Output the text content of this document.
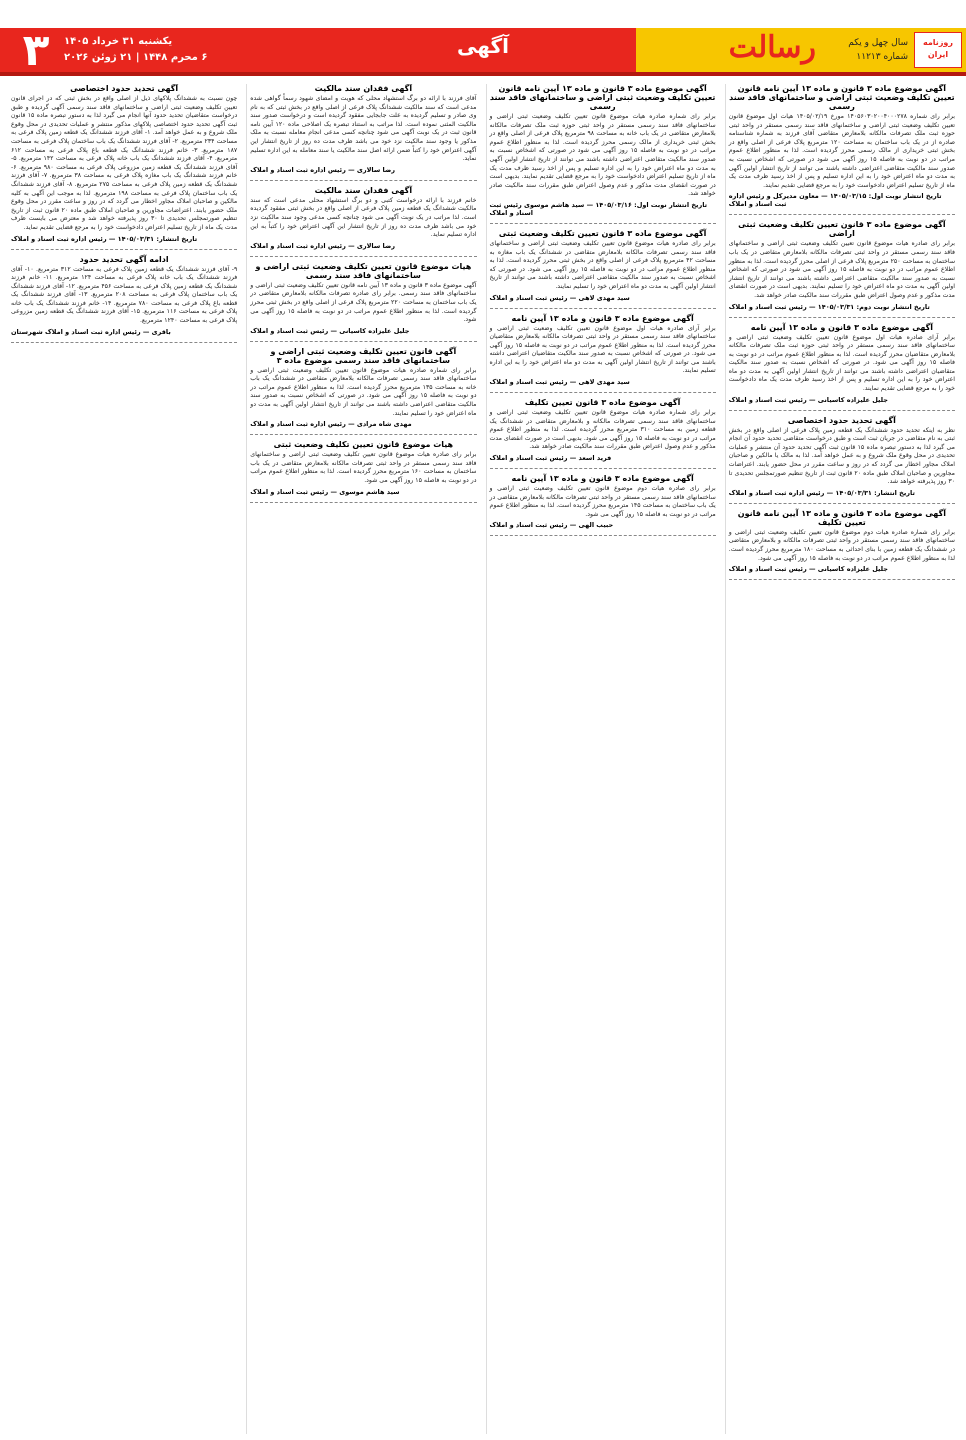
۳	یکشنبه ۳۱ خرداد ۱۴۰۵
۶ محرم ۱۴۴۸ | ۲۱ ژوئن ۲۰۲۶	آگهی	رسالت	سال چهل و یکم
شماره ۱۱۲۱۳
روزنامه ایران
آگهی موضوع ماده ۳ قانون و ماده ۱۳ آیین نامه قانون تعیین تکلیف وضعیت ثبتی اراضی و ساختمانهای فاقد سند رسمی
برابر رای شماره ۱۴۰۵۶۰۳۰۲۰۰۴۰۰۰۲۷۸ مورخ ۱۴۰۵/۰۲/۱۹ هیات اول موضوع قانون تعیین تکلیف وضعیت ثبتی اراضی و ساختمانهای فاقد سند رسمی مستقر در واحد ثبتی حوزه ثبت ملک تصرفات مالکانه بلامعارض متقاضی آقای فرزند به شماره شناسنامه صادره از در یک باب ساختمان به مساحت ۱۲۰ مترمربع پلاک فرعی از اصلی واقع در بخش ثبتی خریداری از مالک رسمی محرز گردیده است. لذا به منظور اطلاع عموم مراتب در دو نوبت به فاصله ۱۵ روز آگهی می شود در صورتی که اشخاص نسبت به صدور سند مالکیت متقاضی اعتراضی داشته باشند می توانند از تاریخ انتشار اولین آگهی به مدت دو ماه اعتراض خود را به این اداره تسلیم و پس از اخذ رسید ظرف مدت یک ماه از تاریخ تسلیم اعتراض دادخواست خود را به مرجع قضایی تقدیم نمایند.
تاریخ انتشار نوبت اول: ۱۴۰۵/۰۳/۱۵ — معاون مدیرکل و رئیس اداره ثبت اسناد و املاک
آگهی موضوع ماده ۳ قانون تعیین تکلیف وضعیت ثبتی اراضی
برابر رای صادره هیات موضوع قانون تعیین تکلیف وضعیت ثبتی اراضی و ساختمانهای فاقد سند رسمی مستقر در واحد ثبتی تصرفات مالکانه بلامعارض متقاضی در یک باب ساختمان به مساحت ۲۵۰ مترمربع پلاک فرعی از اصلی محرز گردیده است. لذا به منظور اطلاع عموم مراتب در دو نوبت به فاصله ۱۵ روز آگهی می شود در صورتی که اشخاص نسبت به صدور سند مالکیت متقاضی اعتراضی داشته باشند می توانند از تاریخ انتشار اولین آگهی به مدت دو ماه اعتراض خود را تسلیم نمایند. بدیهی است در صورت انقضای مدت مذکور و عدم وصول اعتراض طبق مقررات سند مالکیت صادر خواهد شد.
تاریخ انتشار نوبت دوم: ۱۴۰۵/۰۳/۳۱ — رئیس ثبت اسناد و املاک
آگهی موضوع ماده ۳ قانون و ماده ۱۳ آیین نامه
برابر آرای صادره هیات اول موضوع قانون تعیین تکلیف وضعیت ثبتی اراضی و ساختمانهای فاقد سند رسمی مستقر در واحد ثبتی حوزه ثبت ملک تصرفات مالکانه بلامعارض متقاضیان محرز گردیده است. لذا به منظور اطلاع عموم مراتب در دو نوبت به فاصله ۱۵ روز آگهی می شود. در صورتی که اشخاص نسبت به صدور سند مالکیت متقاضیان اعتراضی داشته باشند می توانند از تاریخ انتشار اولین آگهی به مدت دو ماه اعتراض خود را به این اداره تسلیم و پس از اخذ رسید ظرف مدت یک ماه دادخواست خود را به مرجع قضایی تقدیم نمایند.
جلیل علیزاده کاسیانی — رئیس ثبت اسناد و املاک
آگهی تحدید حدود اختصاصی
نظر به اینکه تحدید حدود ششدانگ یک قطعه زمین پلاک فرعی از اصلی واقع در بخش ثبتی به نام متقاضی در جریان ثبت است و طبق درخواست متقاضی تحدید حدود آن انجام می گیرد لذا به دستور تبصره ماده ۱۵ قانون ثبت آگهی تحدید حدود آن منتشر و عملیات تحدیدی در محل وقوع ملک شروع و به عمل خواهد آمد. لذا به مالک یا مالکین و صاحبان املاک مجاور اخطار می گردد که در روز و ساعت مقرر در محل حضور یابند. اعتراضات مجاورین و صاحبان املاک طبق ماده ۲۰ قانون ثبت از تاریخ تنظیم صورتمجلس تحدیدی تا ۳۰ روز پذیرفته خواهد شد.
تاریخ انتشار: ۱۴۰۵/۰۳/۳۱ — رئیس اداره ثبت اسناد و املاک
آگهی موضوع ماده ۳ قانون و ماده ۱۳ آیین نامه قانون تعیین تکلیف
برابر رای شماره صادره هیات دوم موضوع قانون تعیین تکلیف وضعیت ثبتی اراضی و ساختمانهای فاقد سند رسمی مستقر در واحد ثبتی تصرفات مالکانه و بلامعارض متقاضی در ششدانگ یک قطعه زمین با بنای احداثی به مساحت ۱۸۰ مترمربع محرز گردیده است. لذا به منظور اطلاع عموم مراتب در دو نوبت به فاصله ۱۵ روز آگهی می شود.
جلیل علیزاده کاسیانی — رئیس ثبت اسناد و املاک
آگهی موضوع ماده ۳ قانون و ماده ۱۳ آیین نامه قانون تعیین تکلیف وضعیت ثبتی اراضی و ساختمانهای فاقد سند رسمی
برابر رای شماره صادره هیات موضوع قانون تعیین تکلیف وضعیت ثبتی اراضی و ساختمانهای فاقد سند رسمی مستقر در واحد ثبتی حوزه ثبت ملک تصرفات مالکانه بلامعارض متقاضی در یک باب خانه به مساحت ۹۸ مترمربع پلاک فرعی از اصلی واقع در بخش ثبتی خریداری از مالک رسمی محرز گردیده است. لذا به منظور اطلاع عموم مراتب در دو نوبت به فاصله ۱۵ روز آگهی می شود در صورتی که اشخاص نسبت به صدور سند مالکیت متقاضی اعتراضی داشته باشند می توانند از تاریخ انتشار اولین آگهی به مدت دو ماه اعتراض خود را به این اداره تسلیم و پس از اخذ رسید ظرف مدت یک ماه از تاریخ تسلیم اعتراض دادخواست خود را به مرجع قضایی تقدیم نمایند. بدیهی است در صورت انقضای مدت مذکور و عدم وصول اعتراض طبق مقررات سند مالکیت صادر خواهد شد.
تاریخ انتشار نوبت اول: ۱۴۰۵/۰۳/۱۶ — سید هاشم موسوی رئیس ثبت اسناد و املاک
آگهی موضوع ماده ۳ قانون تعیین تکلیف وضعیت ثبتی
برابر رای صادره هیات موضوع قانون تعیین تکلیف وضعیت ثبتی اراضی و ساختمانهای فاقد سند رسمی تصرفات مالکانه بلامعارض متقاضی در ششدانگ یک باب مغازه به مساحت ۴۲ مترمربع پلاک فرعی از اصلی واقع در بخش ثبتی محرز گردیده است. لذا به منظور اطلاع عموم مراتب در دو نوبت به فاصله ۱۵ روز آگهی می شود. در صورتی که اشخاص نسبت به صدور سند مالکیت متقاضی اعتراضی داشته باشند می توانند از تاریخ انتشار اولین آگهی به مدت دو ماه اعتراض خود را تسلیم نمایند.
سید مهدی لاهی — رئیس ثبت اسناد و املاک
آگهی موضوع ماده ۳ قانون و ماده ۱۳ آیین نامه
برابر آرای صادره هیات اول موضوع قانون تعیین تکلیف وضعیت ثبتی اراضی و ساختمانهای فاقد سند رسمی مستقر در واحد ثبتی تصرفات مالکانه بلامعارض متقاضیان محرز گردیده است. لذا به منظور اطلاع عموم مراتب در دو نوبت به فاصله ۱۵ روز آگهی می شود. در صورتی که اشخاص نسبت به صدور سند مالکیت متقاضیان اعتراضی داشته باشند می توانند از تاریخ انتشار اولین آگهی به مدت دو ماه اعتراض خود را به این اداره تسلیم نمایند.
سید مهدی لاهی — رئیس ثبت اسناد و املاک
آگهی موضوع ماده ۳ قانون تعیین تکلیف
برابر رای شماره صادره هیات موضوع قانون تعیین تکلیف وضعیت ثبتی اراضی و ساختمانهای فاقد سند رسمی تصرفات مالکانه و بلامعارض متقاضی در ششدانگ یک قطعه زمین به مساحت ۳۱۰ مترمربع محرز گردیده است. لذا به منظور اطلاع عموم مراتب در دو نوبت به فاصله ۱۵ روز آگهی می شود. بدیهی است در صورت انقضای مدت مذکور و عدم وصول اعتراض طبق مقررات سند مالکیت صادر خواهد شد.
فرید اسعد — رئیس ثبت اسناد و املاک
آگهی موضوع ماده ۳ قانون و ماده ۱۳ آیین نامه
برابر رای صادره هیات دوم موضوع قانون تعیین تکلیف وضعیت ثبتی اراضی و ساختمانهای فاقد سند رسمی مستقر در واحد ثبتی تصرفات مالکانه بلامعارض متقاضی در یک باب ساختمان به مساحت ۱۴۵ مترمربع محرز گردیده است. لذا به منظور اطلاع عموم مراتب در دو نوبت به فاصله ۱۵ روز آگهی می شود.
حبیب الهی — رئیس ثبت اسناد و املاک
آگهی فقدان سند مالکیت
آقای فرزند با ارائه دو برگ استشهاد محلی که هویت و امضای شهود رسماً گواهی شده مدعی است که سند مالکیت ششدانگ پلاک فرعی از اصلی واقع در بخش ثبتی که به نام وی صادر و تسلیم گردیده به علت جابجایی مفقود گردیده است و درخواست صدور سند مالکیت المثنی نموده است. لذا مراتب به استناد تبصره یک اصلاحی ماده ۱۲۰ آیین نامه قانون ثبت در یک نوبت آگهی می شود چنانچه کسی مدعی انجام معامله نسبت به ملک مذکور یا وجود سند مالکیت نزد خود می باشد ظرف مدت ده روز از تاریخ انتشار این آگهی اعتراض خود را کتباً ضمن ارائه اصل سند مالکیت یا سند معامله به این اداره تسلیم نماید.
رضا سالاری — رئیس اداره ثبت اسناد و املاک
آگهی فقدان سند مالکیت
خانم فرزند با ارائه درخواست کتبی و دو برگ استشهاد محلی مدعی است که سند مالکیت ششدانگ یک قطعه زمین پلاک فرعی از اصلی واقع در بخش ثبتی مفقود گردیده است. لذا مراتب در یک نوبت آگهی می شود چنانچه کسی مدعی وجود سند مالکیت نزد خود می باشد ظرف مدت ده روز از تاریخ انتشار این آگهی اعتراض خود را کتباً به این اداره تسلیم نماید.
رضا سالاری — رئیس اداره ثبت اسناد و املاک
هیات موضوع قانون تعیین تکلیف وضعیت ثبتی اراضی و ساختمانهای فاقد سند رسمی
آگهی موضوع ماده ۳ قانون و ماده ۱۳ آیین نامه قانون تعیین تکلیف وضعیت ثبتی اراضی و ساختمانهای فاقد سند رسمی. برابر رای صادره تصرفات مالکانه بلامعارض متقاضی در یک باب ساختمان به مساحت ۲۲۰ مترمربع پلاک فرعی از اصلی واقع در بخش ثبتی محرز گردیده است. لذا به منظور اطلاع عموم مراتب در دو نوبت به فاصله ۱۵ روز آگهی می شود.
جلیل علیزاده کاسیانی — رئیس ثبت اسناد و املاک
آگهی قانون تعیین تکلیف وضعیت ثبتی اراضی و ساختمانهای فاقد سند رسمی موضوع ماده ۳
برابر رای شماره صادره هیات موضوع قانون تعیین تکلیف وضعیت ثبتی اراضی و ساختمانهای فاقد سند رسمی تصرفات مالکانه بلامعارض متقاضی در ششدانگ یک باب خانه به مساحت ۱۳۵ مترمربع محرز گردیده است. لذا به منظور اطلاع عموم مراتب در دو نوبت به فاصله ۱۵ روز آگهی می شود. در صورتی که اشخاص نسبت به صدور سند مالکیت متقاضی اعتراضی داشته باشند می توانند از تاریخ انتشار اولین آگهی به مدت دو ماه اعتراض خود را تسلیم نمایند.
مهدی شاه مرادی — رئیس اداره ثبت اسناد و املاک
هیات موضوع قانون تعیین تکلیف وضعیت ثبتی
برابر رای صادره هیات موضوع قانون تعیین تکلیف وضعیت ثبتی اراضی و ساختمانهای فاقد سند رسمی مستقر در واحد ثبتی تصرفات مالکانه بلامعارض متقاضی در یک باب ساختمان به مساحت ۱۶۰ مترمربع محرز گردیده است. لذا به منظور اطلاع عموم مراتب در دو نوبت به فاصله ۱۵ روز آگهی می شود.
سید هاشم موسوی — رئیس ثبت اسناد و املاک
آگهی تحدید حدود اختصاصی
چون نسبت به ششدانگ پلاکهای ذیل از اصلی واقع در بخش ثبتی که در اجرای قانون تعیین تکلیف وضعیت ثبتی اراضی و ساختمانهای فاقد سند رسمی آگهی گردیده و طبق درخواست متقاضیان تحدید حدود آنها انجام می گیرد لذا به دستور تبصره ماده ۱۵ قانون ثبت آگهی تحدید حدود اختصاصی پلاکهای مذکور منتشر و عملیات تحدیدی در محل وقوع ملک شروع و به عمل خواهد آمد. ۱- آقای فرزند ششدانگ یک قطعه زمین پلاک فرعی به مساحت ۲۳۴ مترمربع. ۲- آقای فرزند ششدانگ یک باب ساختمان پلاک فرعی به مساحت ۱۸۷ مترمربع. ۳- خانم فرزند ششدانگ یک قطعه باغ پلاک فرعی به مساحت ۶۱۲ مترمربع. ۴- آقای فرزند ششدانگ یک باب خانه پلاک فرعی به مساحت ۱۴۲ مترمربع. ۵- آقای فرزند ششدانگ یک قطعه زمین مزروعی پلاک فرعی به مساحت ۹۸۰ مترمربع. ۶- خانم فرزند ششدانگ یک باب مغازه پلاک فرعی به مساحت ۳۸ مترمربع. ۷- آقای فرزند ششدانگ یک قطعه زمین پلاک فرعی به مساحت ۲۷۵ مترمربع. ۸- آقای فرزند ششدانگ یک باب ساختمان پلاک فرعی به مساحت ۱۹۸ مترمربع. لذا به موجب این آگهی به کلیه مالکین و صاحبان املاک مجاور اخطار می گردد که در روز و ساعت مقرر در محل وقوع ملک حضور یابند. اعتراضات مجاورین و صاحبان املاک طبق ماده ۲۰ قانون ثبت از تاریخ تنظیم صورتمجلس تحدیدی تا ۳۰ روز پذیرفته خواهد شد و معترض می بایست ظرف مدت یک ماه از تاریخ تسلیم اعتراض دادخواست خود را به مرجع قضایی تقدیم نماید.
تاریخ انتشار: ۱۴۰۵/۰۳/۳۱ — رئیس اداره ثبت اسناد و املاک
ادامه آگهی تحدید حدود
۹- آقای فرزند ششدانگ یک قطعه زمین پلاک فرعی به مساحت ۳۱۲ مترمربع. ۱۰- آقای فرزند ششدانگ یک باب خانه پلاک فرعی به مساحت ۱۲۴ مترمربع. ۱۱- خانم فرزند ششدانگ یک قطعه زمین پلاک فرعی به مساحت ۴۵۶ مترمربع. ۱۲- آقای فرزند ششدانگ یک باب ساختمان پلاک فرعی به مساحت ۲۰۸ مترمربع. ۱۳- آقای فرزند ششدانگ یک قطعه باغ پلاک فرعی به مساحت ۷۸۰ مترمربع. ۱۴- خانم فرزند ششدانگ یک باب خانه پلاک فرعی به مساحت ۱۱۶ مترمربع. ۱۵- آقای فرزند ششدانگ یک قطعه زمین مزروعی پلاک فرعی به مساحت ۱۲۴۰ مترمربع.
باقری — رئیس اداره ثبت اسناد و املاک شهرستان
